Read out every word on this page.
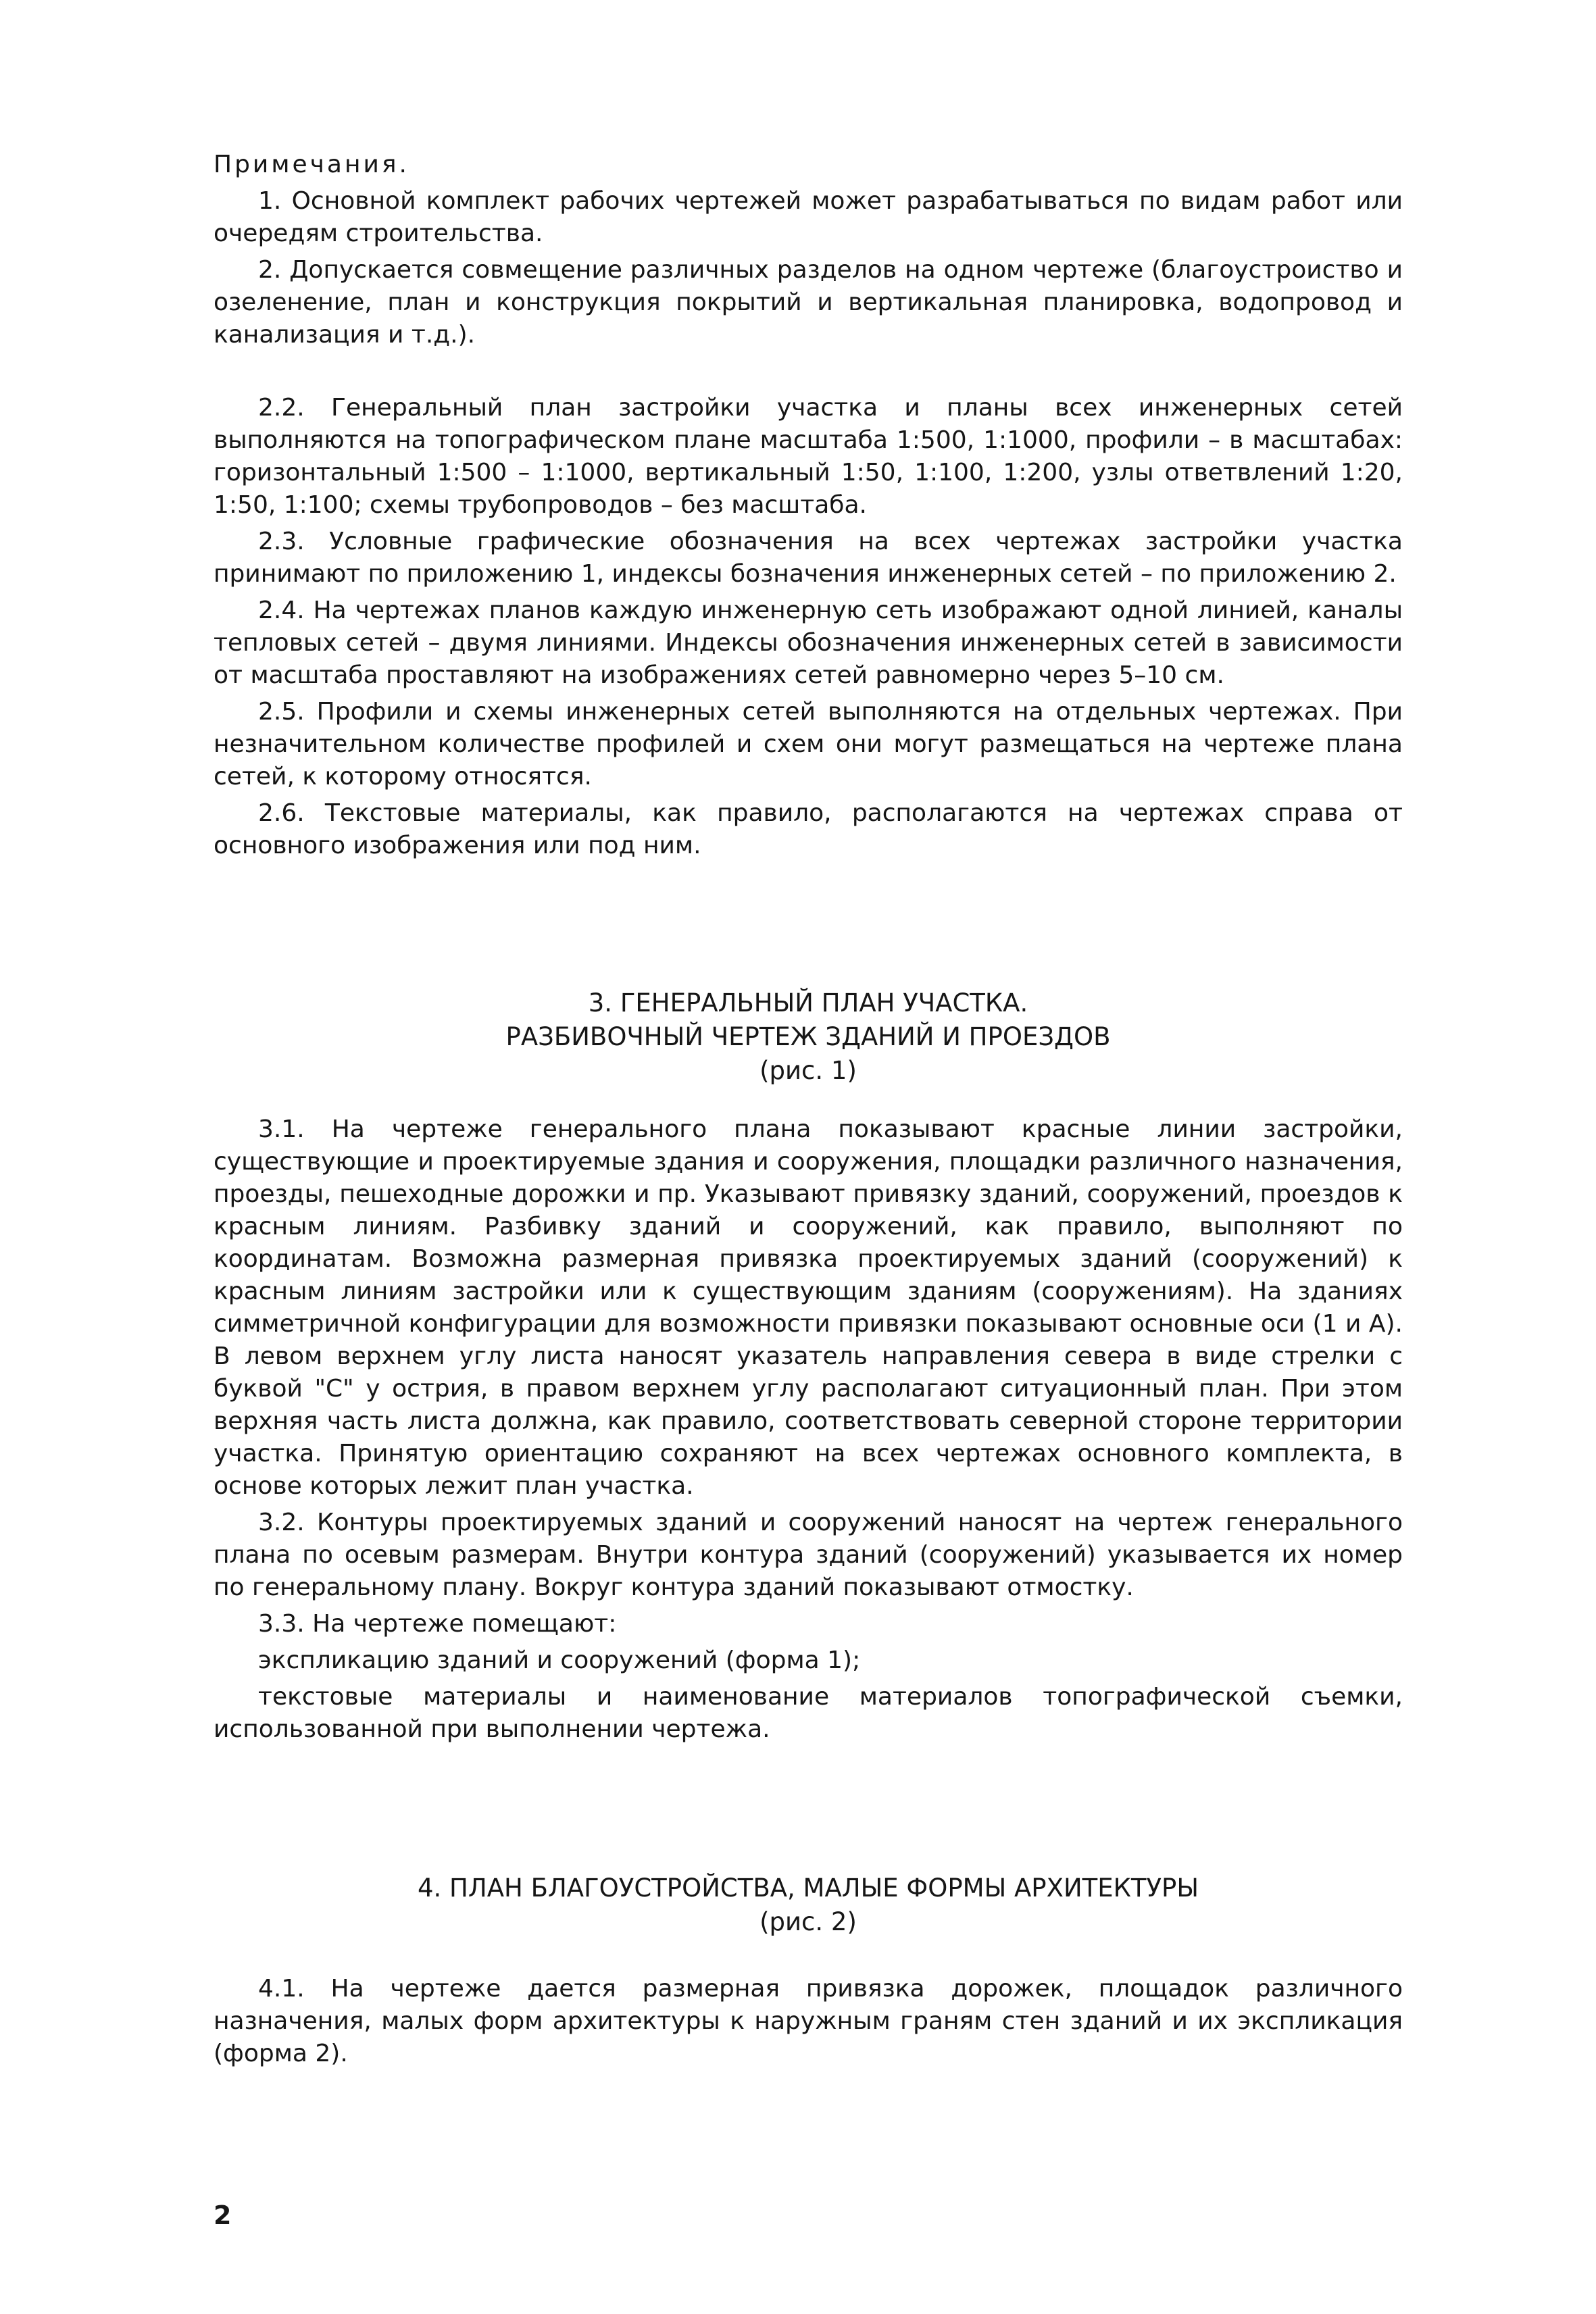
Примечания.

1. Основной комплект рабочих чертежей может разрабатываться по видам работ или очередям строительства.

2. Допускается совмещение различных разделов на одном чертеже (благоустроиство и озеленение, план и конструкция покрытий и вертикальная планировка, водопровод и канализация и т.д.).

2.2. Генеральный план застройки участка и планы всех инженерных сетей выполняются на топографическом плане масштаба 1:500, 1:1000, профили – в масштабах: горизонтальный 1:500 – 1:1000, вертикальный 1:50, 1:100, 1:200, узлы ответвлений 1:20, 1:50, 1:100; схемы трубопроводов – без масштаба.

2.3. Условные графические обозначения на всех чертежах застройки участка принимают по приложению 1, индексы бозначения инженерных сетей – по приложению 2.

2.4. На чертежах планов каждую инженерную сеть изображают одной линией, каналы тепловых сетей – двумя линиями. Индексы обозначения инженерных сетей в зависимости от масштаба проставляют на изображениях сетей равномерно через 5–10 см.

2.5. Профили и схемы инженерных сетей выполняются на отдельных чертежах. При незначительном количестве профилей и схем они могут размещаться на чертеже плана сетей, к которому относятся.

2.6. Текстовые материалы, как правило, располагаются на чертежах справа от основного изображения или под ним.

3. ГЕНЕРАЛЬНЫЙ ПЛАН УЧАСТКА.
РАЗБИВОЧНЫЙ ЧЕРТЕЖ ЗДАНИЙ И ПРОЕЗДОВ
(рис. 1)

3.1. На чертеже генерального плана показывают красные линии застройки, существующие и проектируемые здания и сооружения, площадки различного назначения, проезды, пешеходные дорожки и пр. Указывают привязку зданий, сооружений, проездов к красным линиям. Разбивку зданий и сооружений, как правило, выполняют по координатам. Возможна размерная привязка проектируемых зданий (сооружений) к красным линиям застройки или к существующим зданиям (сооружениям). На зданиях симметричной конфигурации для возможности привязки показывают основные оси (1 и А). В левом верхнем углу листа наносят указатель направления севера в виде стрелки с буквой "С" у острия, в правом верхнем углу располагают ситуационный план. При этом верхняя часть листа должна, как правило, соответствовать северной стороне территории участка. Принятую ориентацию сохраняют на всех чертежах основного комплекта, в основе которых лежит план участка.

3.2. Контуры проектируемых зданий и сооружений наносят на чертеж генерального плана по осевым размерам. Внутри контура зданий (сооружений) указывается их номер по генеральному плану. Вокруг контура зданий показывают отмостку.

3.3. На чертеже помещают:

экспликацию зданий и сооружений (форма 1);

текстовые материалы и наименование материалов топографической съемки, использованной при выполнении чертежа.

4. ПЛАН БЛАГОУСТРОЙСТВА, МАЛЫЕ ФОРМЫ АРХИТЕКТУРЫ
(рис. 2)

4.1. На чертеже дается размерная привязка дорожек, площадок различного назначения, малых форм архитектуры к наружным граням стен зданий и их экспликация (форма 2).

2
